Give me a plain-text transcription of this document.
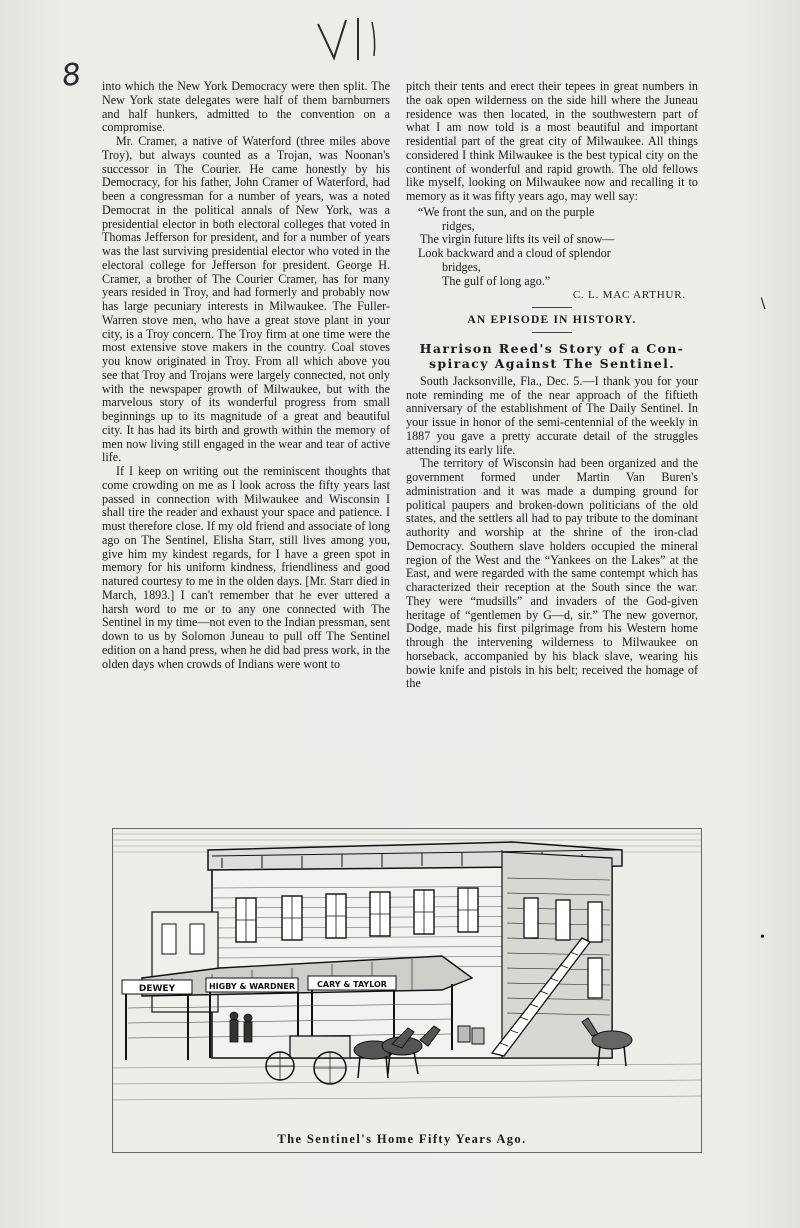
V1
8 into which the New York Democracy were then split. The New York state delegates were half of them barnburners and half hunkers, admitted to the convention on a compromise.

Mr. Cramer, a native of Waterford (three miles above Troy), but always counted as a Trojan, was Noonan's successor in The Courier. He came honestly by his Democracy, for his father, John Cramer of Waterford, had been a congressman for a number of years, was a noted Democrat in the political annals of New York, was a presidential elector in both electoral colleges that voted in Thomas Jefferson for president, and for a number of years was the last surviving presidential elector who voted in the electoral college for Jefferson for president. George H. Cramer, a brother of The Courier Cramer, has for many years resided in Troy, and had formerly and probably now has large pecuniary interests in Milwaukee. The Fuller-Warren stove men, who have a great stove plant in your city, is a Troy concern. The Troy firm at one time were the most extensive stove makers in the country. Coal stoves you know originated in Troy. From all which above you see that Troy and Trojans were largely connected, not only with the newspaper growth of Milwaukee, but with the marvelous story of its wonderful progress from small beginnings up to its magnitude of a great and beautiful city. It has had its birth and growth within the memory of men now living still engaged in the wear and tear of active life.

If I keep on writing out the reminiscent thoughts that come crowding on me as I look across the fifty years last passed in connection with Milwaukee and Wisconsin I shall tire the reader and exhaust your space and patience. I must therefore close. If my old friend and associate of long ago on The Sentinel, Elisha Starr, still lives among you, give him my kindest regards, for I have a green spot in memory for his uniform kindness, friendliness and good natured courtesy to me in the olden days. [Mr. Starr died in March, 1893.] I can't remember that he ever uttered a harsh word to me or to any one connected with The Sentinel in my time—not even to the Indian pressman, sent down to us by Solomon Juneau to pull off The Sentinel edition on a hand press, when he did bad press work, in the olden days when crowds of Indians were wont to

pitch their tents and erect their tepees in great numbers in the oak open wilderness on the side hill where the Juneau residence was then located, in the southwestern part of what I am now told is a most beautiful and important residential part of the great city of Milwaukee. All things considered I think Milwaukee is the best typical city on the continent of wonderful and rapid growth. The old fellows like myself, looking on Milwaukee now and recalling it to memory as it was fifty years ago, may well say:

“We front the sun, and on the purple
ridges,
The virgin future lifts its veil of snow—
Look backward and a cloud of splendor
bridges,
The gulf of long ago.”
C. L. MAC ARTHUR.
AN EPISODE IN HISTORY.
Harrison Reed's Story of a Con-
spiracy Against The Sentinel.

South Jacksonville, Fla., Dec. 5.—I thank you for your note reminding me of the near approach of the fiftieth anniversary of the establishment of The Daily Sentinel. In your issue in honor of the semi-centennial of the weekly in 1887 you gave a pretty accurate detail of the struggles attending its early life.

The territory of Wisconsin had been organized and the government formed under Martin Van Buren's administration and it was made a dumping ground for political paupers and broken-down politicians of the old states, and the settlers all had to pay tribute to the dominant authority and worship at the shrine of the iron-clad Democracy. Southern slave holders occupied the mineral region of the West and the “Yankees on the Lakes” at the East, and were regarded with the same contempt which has characterized their reception at the South since the war. They were “mudsills” and invaders of the God-given heritage of “gentlemen by G—d, sir.” The new governor, Dodge, made his first pilgrimage from his Western home through the intervening wilderness to Milwaukee on horseback, accompanied by his black slave, wearing his bowie knife and pistols in his belt; received the homage of the

DEWEY	HIGBY & WARDNER	CARY & TAYLOR
The Sentinel's Home Fifty Years Ago.
∖
•
